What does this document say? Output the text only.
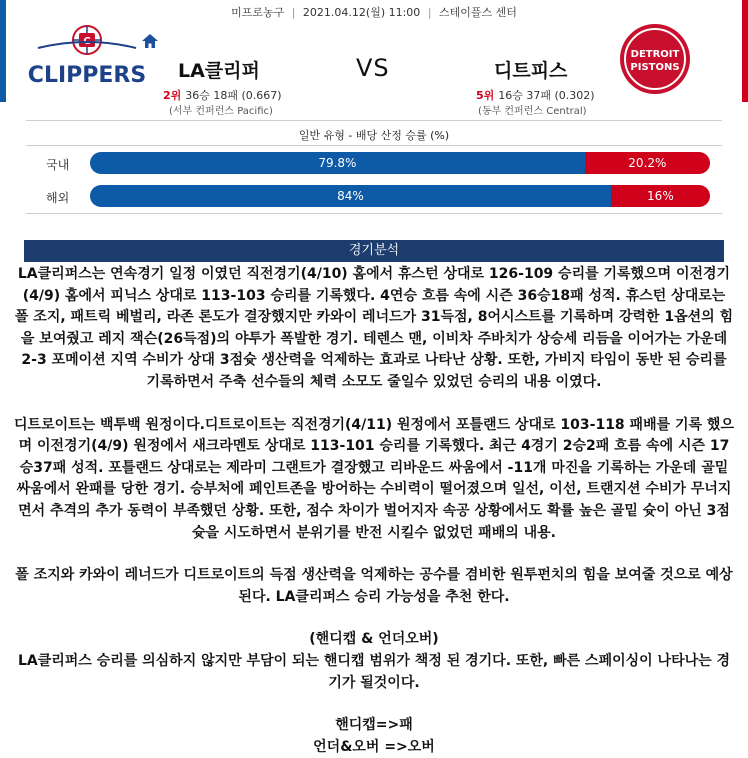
미프로농구 | 2021.04.12(월) 11:00 | 스테이플스 센터
C
CLIPPERS LA클리퍼	VS	디트피스
DETROIT
PISTONS
2위 36승 18패 (0.667)
(서부 컨퍼런스 Pacific)
5위 16승 37패 (0.302)
(동부 컨퍼런스 Central)
일반 유형 - 배당 산정 승률 (%)
국내	79.8%	20.2%
해외	84%	16%
경기분석

LA클리퍼스는 연속경기 일정 이였던 직전경기(4/10) 홈에서 휴스턴 상대로 126-109 승리를 기록했으며 이전경기(4/9) 홈에서 피닉스 상대로 113-103 승리를 기록했다. 4연승 흐름 속에 시즌 36승18패 성적. 휴스턴 상대로는 폴 조지, 패트릭 베벌리, 라존 론도가 결장했지만 카와이 레너드가 31득점, 8어시스트를 기록하며 강력한 1옵션의 힘을 보여줬고 레지 잭슨(26득점)의 야투가 폭발한 경기. 테렌스 맨, 이비차 주바치가 상승세 리듬을 이어가는 가운데 2-3 포메이션 지역 수비가 상대 3점슛 생산력을 억제하는 효과로 나타난 상황. 또한, 가비지 타임이 동반 된 승리를 기록하면서 주축 선수들의 체력 소모도 줄일수 있었던 승리의 내용 이였다.

디트로이트는 백투백 원정이다.디트로이트는 직전경기(4/11) 원정에서 포틀랜드 상대로 103-118 패배를 기록 했으며 이전경기(4/9) 원정에서 새크라멘토 상대로 113-101 승리를 기록했다. 최근 4경기 2승2패 흐름 속에 시즌 17승37패 성적. 포틀랜드 상대로는 제라미 그랜트가 결장했고 리바운드 싸움에서 -11개 마진을 기록하는 가운데 골밑 싸움에서 완패를 당한 경기. 승부처에 페인트존을 방어하는 수비력이 떨어졌으며 일선, 이선, 트랜지션 수비가 무너지면서 추격의 추가 동력이 부족했던 상황. 또한, 점수 차이가 벌어지자 속공 상황에서도 확률 높은 골밑 슛이 아닌 3점슛을 시도하면서 분위기를 반전 시킬수 없었던 패배의 내용.

폴 조지와 카와이 레너드가 디트로이트의 득점 생산력을 억제하는 공수를 겸비한 원투펀치의 힘을 보여줄 것으로 예상된다. LA클리퍼스 승리 가능성을 추천 한다.

(핸디캡 & 언더오버)

LA클리퍼스 승리를 의심하지 않지만 부담이 되는 핸디캡 범위가 책정 된 경기다. 또한, 빠른 스페이싱이 나타나는 경기가 될것이다.

핸디캡=>패

언더&오버 =>오버
